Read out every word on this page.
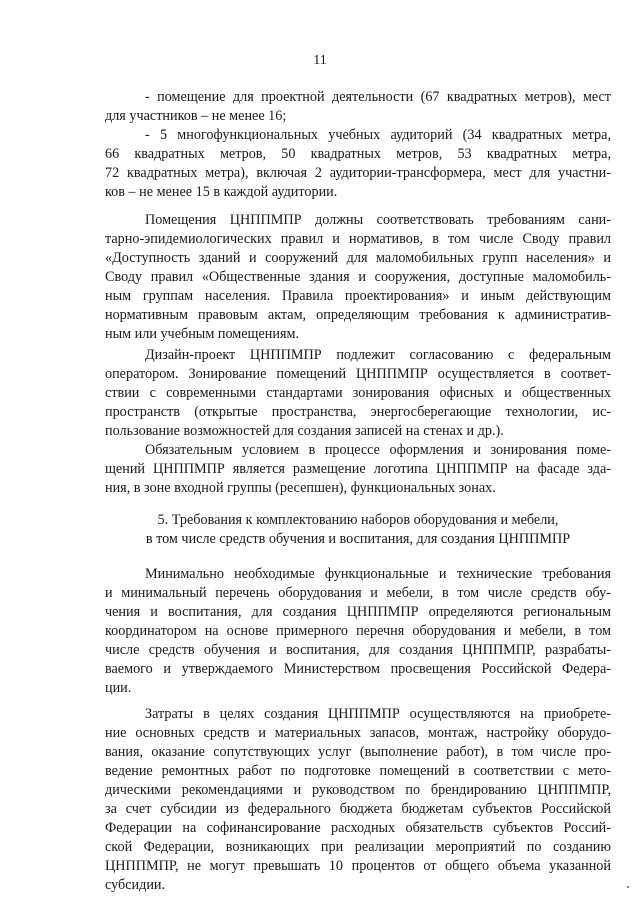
11
- помещение для проектной деятельности (67 квадратных метров), мест
для участников – не менее 16;
- 5 многофункциональных учебных аудиторий (34 квадратных метра,
66 квадратных метров, 50 квадратных метров, 53 квадратных метра,
72 квадратных метра), включая 2 аудитории-трансформера, мест для участни-
ков – не менее 15 в каждой аудитории.
Помещения ЦНППМПР должны соответствовать требованиям сани-
тарно-эпидемиологических правил и нормативов, в том числе Своду правил
«Доступность зданий и сооружений для маломобильных групп населения» и
Своду правил «Общественные здания и сооружения, доступные маломобиль-
ным группам населения. Правила проектирования» и иным действующим
нормативным правовым актам, определяющим требования к административ-
ным или учебным помещениям.
Дизайн-проект ЦНППМПР подлежит согласованию с федеральным
оператором. Зонирование помещений ЦНППМПР осуществляется в соответ-
ствии с современными стандартами зонирования офисных и общественных
пространств (открытые пространства, энергосберегающие технологии, ис-
пользование возможностей для создания записей на стенах и др.).
Обязательным условием в процессе оформления и зонирования поме-
щений ЦНППМПР является размещение логотипа ЦНППМПР на фасаде зда-
ния, в зоне входной группы (ресепшен), функциональных зонах.
5. Требования к комплектованию наборов оборудования и мебели,
в том числе средств обучения и воспитания, для создания ЦНППМПР
Минимально необходимые функциональные и технические требования
и минимальный перечень оборудования и мебели, в том числе средств обу-
чения и воспитания, для создания ЦНППМПР определяются региональным
координатором на основе примерного перечня оборудования и мебели, в том
числе средств обучения и воспитания, для создания ЦНППМПР, разрабаты-
ваемого и утверждаемого Министерством просвещения Российской Федера-
ции.
Затраты в целях создания ЦНППМПР осуществляются на приобрете-
ние основных средств и материальных запасов, монтаж, настройку оборудо-
вания, оказание сопутствующих услуг (выполнение работ), в том числе про-
ведение ремонтных работ по подготовке помещений в соответствии с мето-
дическими рекомендациями и руководством по брендированию ЦНППМПР,
за счет субсидии из федерального бюджета бюджетам субъектов Российской
Федерации на софинансирование расходных обязательств субъектов Россий-
ской Федерации, возникающих при реализации мероприятий по созданию
ЦНППМПР, не могут превышать 10 процентов от общего объема указанной
субсидии.
